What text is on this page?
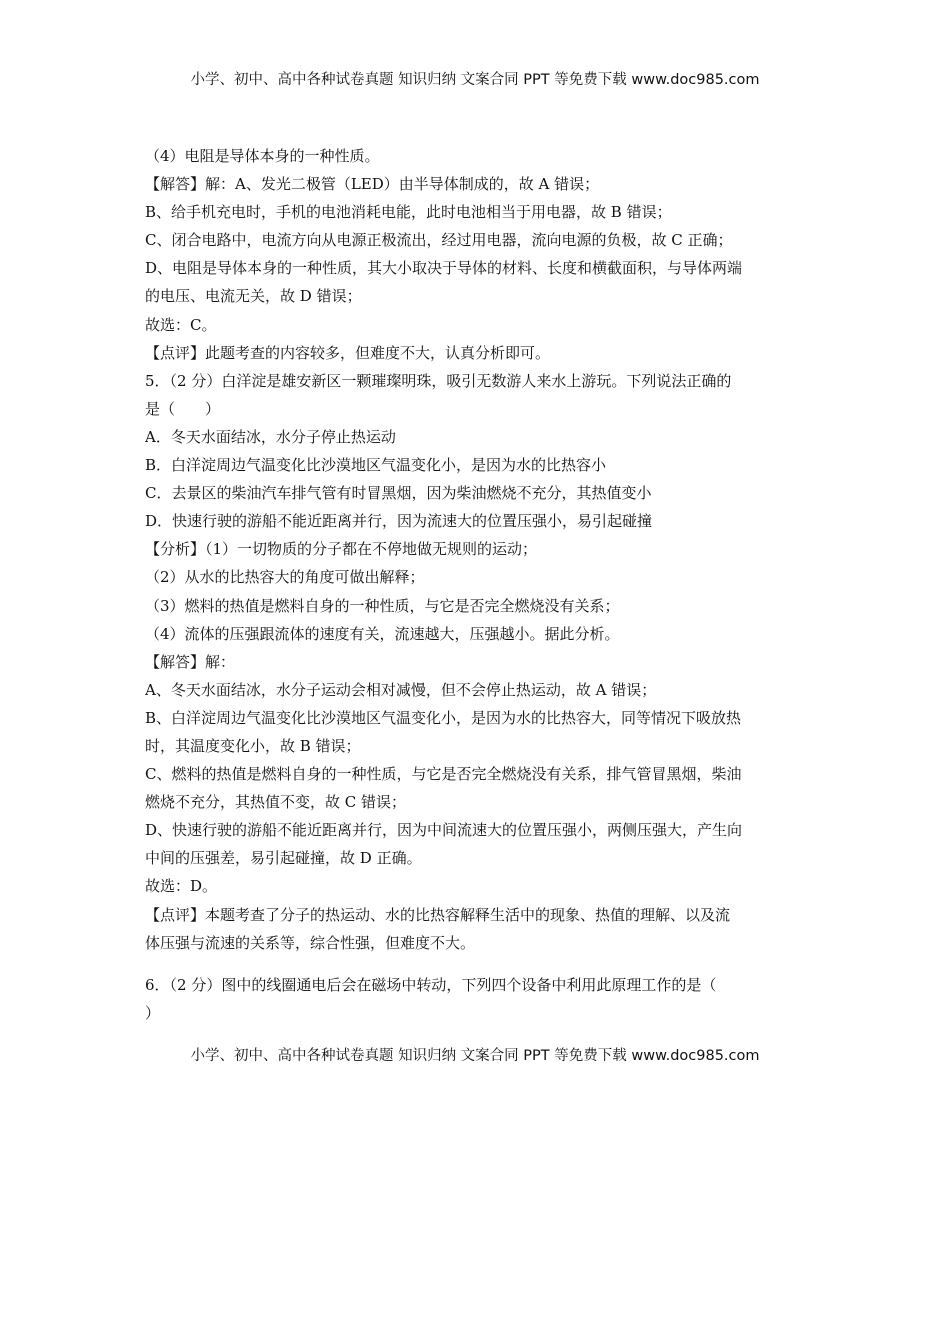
小学、初中、高中各种试卷真题 知识归纳 文案合同 PPT 等免费下载 www.doc985.com
（4）电阻是导体本身的一种性质。
【解答】解：A、发光二极管（LED）由半导体制成的，故 A 错误；
B、给手机充电时，手机的电池消耗电能，此时电池相当于用电器，故 B 错误；
C、闭合电路中，电流方向从电源正极流出，经过用电器，流向电源的负极，故 C 正确；
D、电阻是导体本身的一种性质，其大小取决于导体的材料、长度和横截面积，与导体两端
的电压、电流无关，故 D 错误；
故选：C。
【点评】此题考查的内容较多，但难度不大，认真分析即可。
5．（2 分）白洋淀是雄安新区一颗璀璨明珠，吸引无数游人来水上游玩。下列说法正确的
是（　　）
A．冬天水面结冰，水分子停止热运动
B．白洋淀周边气温变化比沙漠地区气温变化小，是因为水的比热容小
C．去景区的柴油汽车排气管有时冒黑烟，因为柴油燃烧不充分，其热值变小
D．快速行驶的游船不能近距离并行，因为流速大的位置压强小，易引起碰撞
【分析】（1）一切物质的分子都在不停地做无规则的运动；
（2）从水的比热容大的角度可做出解释；
（3）燃料的热值是燃料自身的一种性质，与它是否完全燃烧没有关系；
（4）流体的压强跟流体的速度有关，流速越大，压强越小。据此分析。
【解答】解：
A、冬天水面结冰，水分子运动会相对减慢，但不会停止热运动，故 A 错误；
B、白洋淀周边气温变化比沙漠地区气温变化小，是因为水的比热容大，同等情况下吸放热
时，其温度变化小，故 B 错误；
C、燃料的热值是燃料自身的一种性质，与它是否完全燃烧没有关系，排气管冒黑烟，柴油
燃烧不充分，其热值不变，故 C 错误；
D、快速行驶的游船不能近距离并行，因为中间流速大的位置压强小，两侧压强大，产生向
中间的压强差，易引起碰撞，故 D 正确。
故选：D。
【点评】本题考查了分子的热运动、水的比热容解释生活中的现象、热值的理解、以及流
体压强与流速的关系等，综合性强，但难度不大。
6．（2 分）图中的线圈通电后会在磁场中转动，下列四个设备中利用此原理工作的是（
）
小学、初中、高中各种试卷真题 知识归纳 文案合同 PPT 等免费下载 www.doc985.com
